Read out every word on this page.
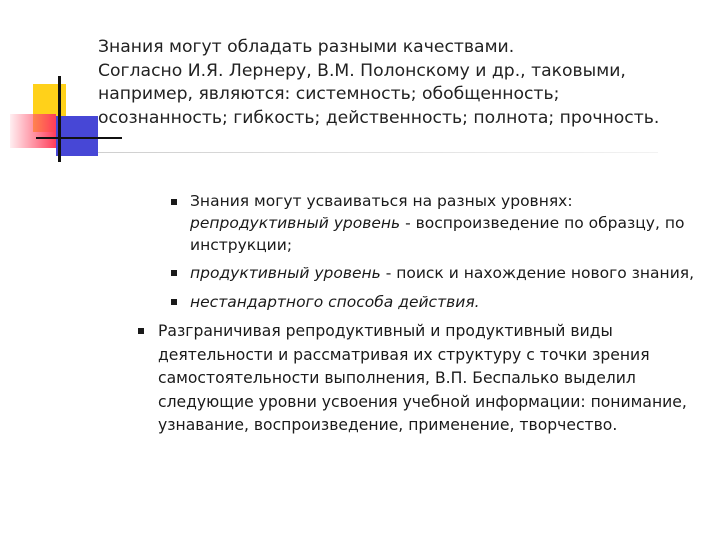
Знания могут обладать разными качествами.
Согласно И.Я. Лернеру, В.М. Полонскому и др., таковыми,
например, являются: системность; обобщенность;
осознанность; гибкость; действенность; полнота; прочность.
Знания могут усваиваться на разных уровнях:
репродуктивный уровень - воспроизведение по образцу, по
инструкции;
продуктивный уровень - поиск и нахождение нового знания,
нестандартного способа действия.
Разграничивая репродуктивный и продуктивный виды
деятельности и рассматривая их структуру с точки зрения
самостоятельности выполнения, В.П. Беспалько выделил
следующие уровни усвоения учебной информации: понимание,
узнавание, воспроизведение, применение, творчество.
